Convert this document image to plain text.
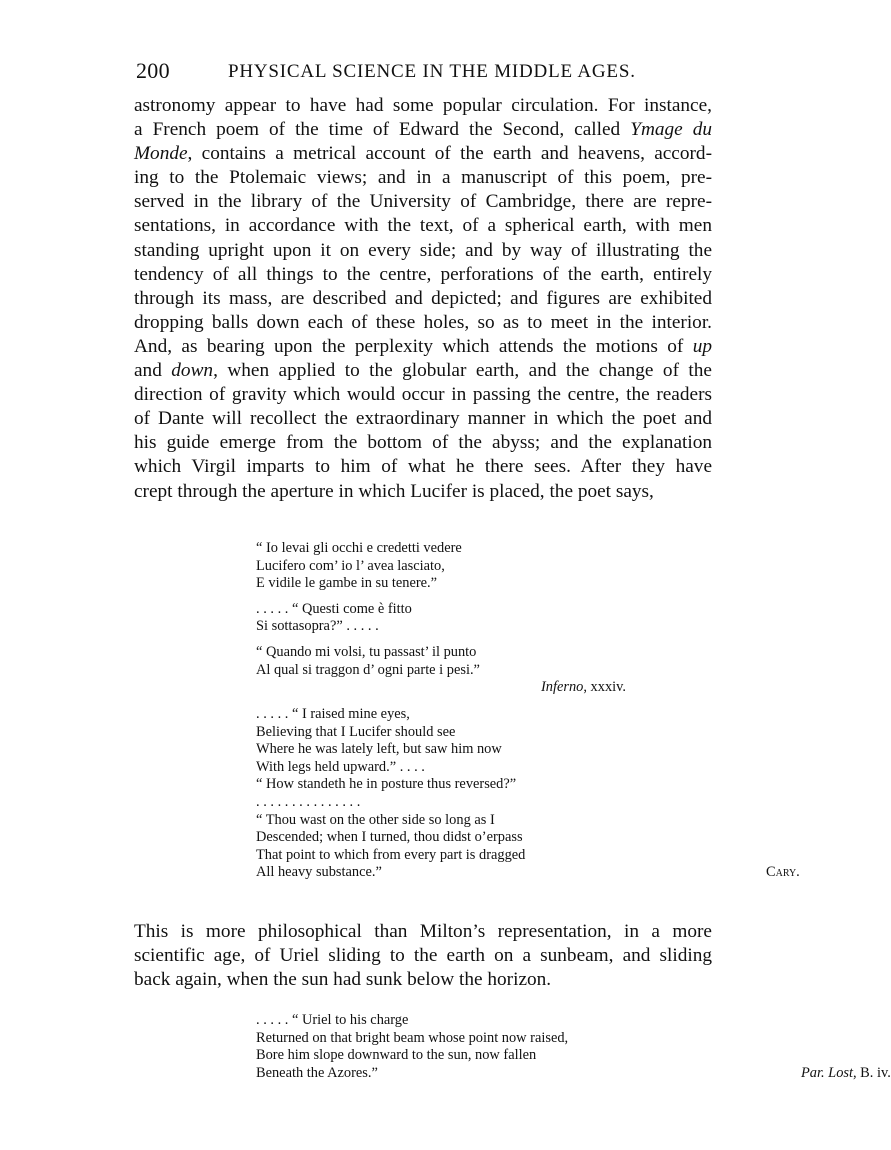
200	PHYSICAL SCIENCE IN THE MIDDLE AGES.
astronomy appear to have had some popular circulation. For instance,
a French poem of the time of Edward the Second, called Ymage du
Monde, contains a metrical account of the earth and heavens, accord-
ing to the Ptolemaic views; and in a manuscript of this poem, pre-
served in the library of the University of Cambridge, there are repre-
sentations, in accordance with the text, of a spherical earth, with men
standing upright upon it on every side; and by way of illustrating the
tendency of all things to the centre, perforations of the earth, entirely
through its mass, are described and depicted; and figures are exhibited
dropping balls down each of these holes, so as to meet in the interior.
And, as bearing upon the perplexity which attends the motions of up
and down, when applied to the globular earth, and the change of the
direction of gravity which would occur in passing the centre, the readers
of Dante will recollect the extraordinary manner in which the poet and
his guide emerge from the bottom of the abyss; and the explanation
which Virgil imparts to him of what he there sees. After they have
crept through the aperture in which Lucifer is placed, the poet says,
“ Io levai gli occhi e credetti vedere
Lucifero com’ io l’ avea lasciato,
E vidile le gambe in su tenere.”
. . . . . “ Questi come è fitto
Si sottasopra?” . . . . .
“ Quando mi volsi, tu passast’ il punto
Al qual si traggon d’ ogni parte i pesi.”
Inferno, xxxiv.
. . . . . “ I raised mine eyes,
Believing that I Lucifer should see
Where he was lately left, but saw him now
With legs held upward.” . . . .
“ How standeth he in posture thus reversed?”
. . . . . . . . . . . . . . .
“ Thou wast on the other side so long as I
Descended; when I turned, thou didst o’erpass
That point to which from every part is dragged
All heavy substance.”	Cary.
This is more philosophical than Milton’s representation, in a more
scientific age, of Uriel sliding to the earth on a sunbeam, and sliding
back again, when the sun had sunk below the horizon.
. . . . . “ Uriel to his charge
Returned on that bright beam whose point now raised,
Bore him slope downward to the sun, now fallen
Beneath the Azores.”	Par. Lost, B. iv.
